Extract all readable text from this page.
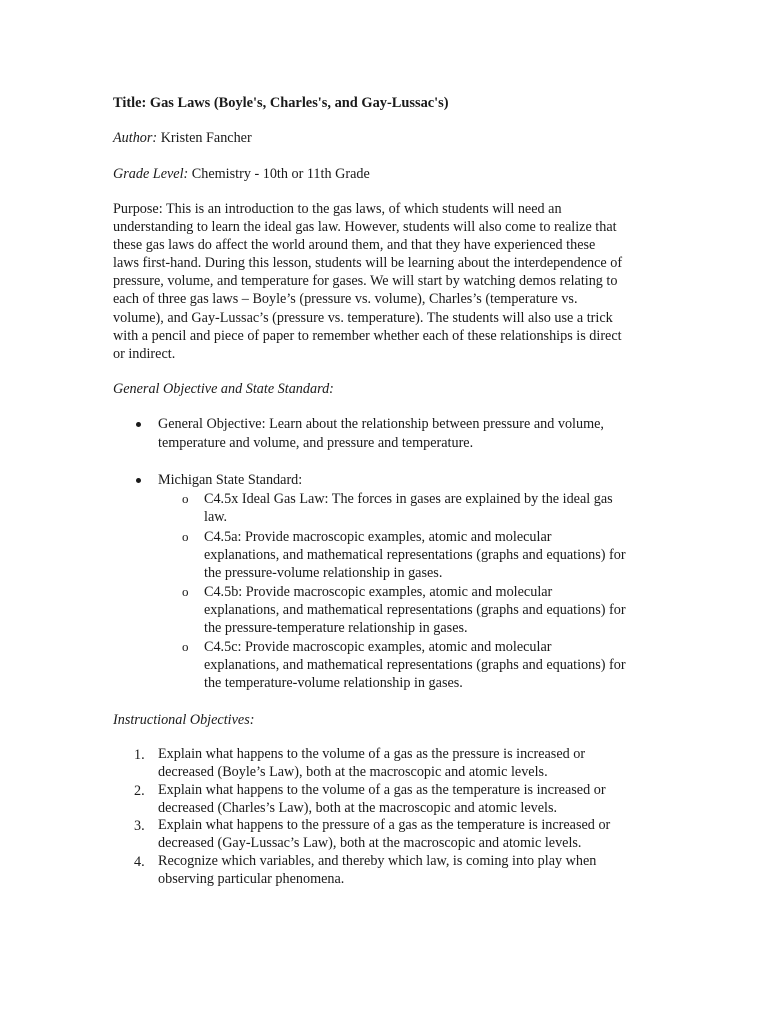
Title: Gas Laws (Boyle's, Charles's, and Gay-Lussac's)
Author: Kristen Fancher
Grade Level: Chemistry - 10th or 11th Grade
Purpose: This is an introduction to the gas laws, of which students will need an
understanding to learn the ideal gas law. However, students will also come to realize that
these gas laws do affect the world around them, and that they have experienced these
laws first-hand. During this lesson, students will be learning about the interdependence of
pressure, volume, and temperature for gases. We will start by watching demos relating to
each of three gas laws – Boyle’s (pressure vs. volume), Charles’s (temperature vs.
volume), and Gay-Lussac’s (pressure vs. temperature). The students will also use a trick
with a pencil and piece of paper to remember whether each of these relationships is direct
or indirect.
General Objective and State Standard:
General Objective: Learn about the relationship between pressure and volume,
temperature and volume, and pressure and temperature.
Michigan State Standard:
o C4.5x Ideal Gas Law: The forces in gases are explained by the ideal gas
law.
o C4.5a: Provide macroscopic examples, atomic and molecular
explanations, and mathematical representations (graphs and equations) for
the pressure-volume relationship in gases.
o C4.5b: Provide macroscopic examples, atomic and molecular
explanations, and mathematical representations (graphs and equations) for
the pressure-temperature relationship in gases.
o C4.5c: Provide macroscopic examples, atomic and molecular
explanations, and mathematical representations (graphs and equations) for
the temperature-volume relationship in gases.
Instructional Objectives:
1. Explain what happens to the volume of a gas as the pressure is increased or
decreased (Boyle’s Law), both at the macroscopic and atomic levels.
2. Explain what happens to the volume of a gas as the temperature is increased or
decreased (Charles’s Law), both at the macroscopic and atomic levels.
3. Explain what happens to the pressure of a gas as the temperature is increased or
decreased (Gay-Lussac’s Law), both at the macroscopic and atomic levels.
4. Recognize which variables, and thereby which law, is coming into play when
observing particular phenomena.
